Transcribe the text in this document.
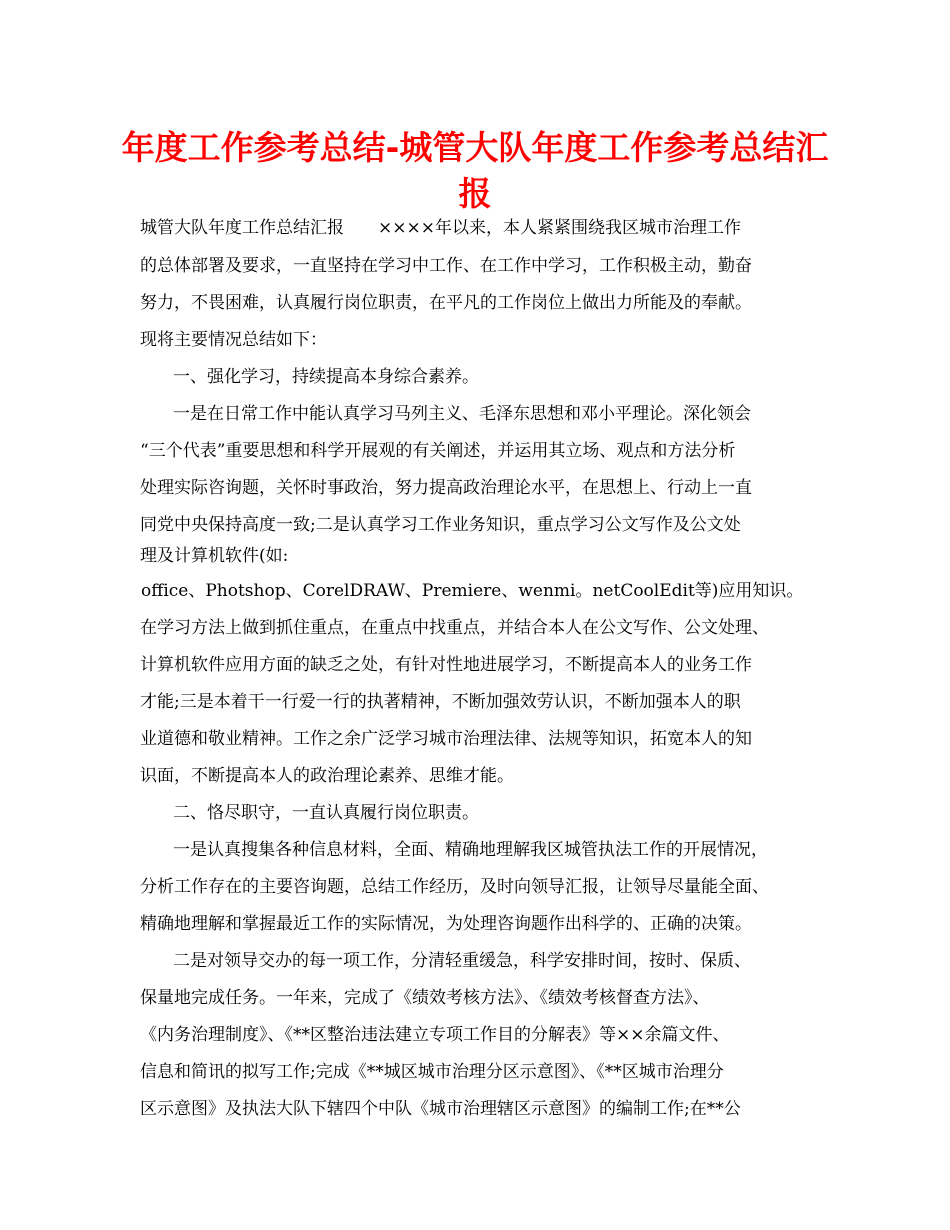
年度工作参考总结-城管大队年度工作参考总结汇
报
城管大队年度工作总结汇报　　××××年以来，本人紧紧围绕我区城市治理工作
的总体部署及要求，一直坚持在学习中工作、在工作中学习，工作积极主动，勤奋
努力，不畏困难，认真履行岗位职责，在平凡的工作岗位上做出力所能及的奉献。
现将主要情况总结如下：
一、强化学习，持续提高本身综合素养。
一是在日常工作中能认真学习马列主义、毛泽东思想和邓小平理论。深化领会
“三个代表”重要思想和科学开展观的有关阐述，并运用其立场、观点和方法分析
处理实际咨询题，关怀时事政治，努力提高政治理论水平，在思想上、行动上一直
同党中央保持高度一致;二是认真学习工作业务知识，重点学习公文写作及公文处
理及计算机软件(如:
office、Photshop、CorelDRAW、Premiere、wenmi。netCoolEdit等)应用知识。
在学习方法上做到抓住重点，在重点中找重点，并结合本人在公文写作、公文处理、
计算机软件应用方面的缺乏之处，有针对性地进展学习，不断提高本人的业务工作
才能;三是本着干一行爱一行的执著精神，不断加强效劳认识，不断加强本人的职
业道德和敬业精神。工作之余广泛学习城市治理法律、法规等知识，拓宽本人的知
识面，不断提高本人的政治理论素养、思维才能。
二、恪尽职守，一直认真履行岗位职责。
一是认真搜集各种信息材料，全面、精确地理解我区城管执法工作的开展情况，
分析工作存在的主要咨询题，总结工作经历，及时向领导汇报，让领导尽量能全面、
精确地理解和掌握最近工作的实际情况，为处理咨询题作出科学的、正确的决策。
二是对领导交办的每一项工作，分清轻重缓急，科学安排时间，按时、保质、
保量地完成任务。一年来，完成了《绩效考核方法》、《绩效考核督查方法》、
《内务治理制度》、《**区整治违法建立专项工作目的分解表》等××余篇文件、
信息和简讯的拟写工作;完成《**城区城市治理分区示意图》、《**区城市治理分
区示意图》及执法大队下辖四个中队《城市治理辖区示意图》的编制工作;在**公
